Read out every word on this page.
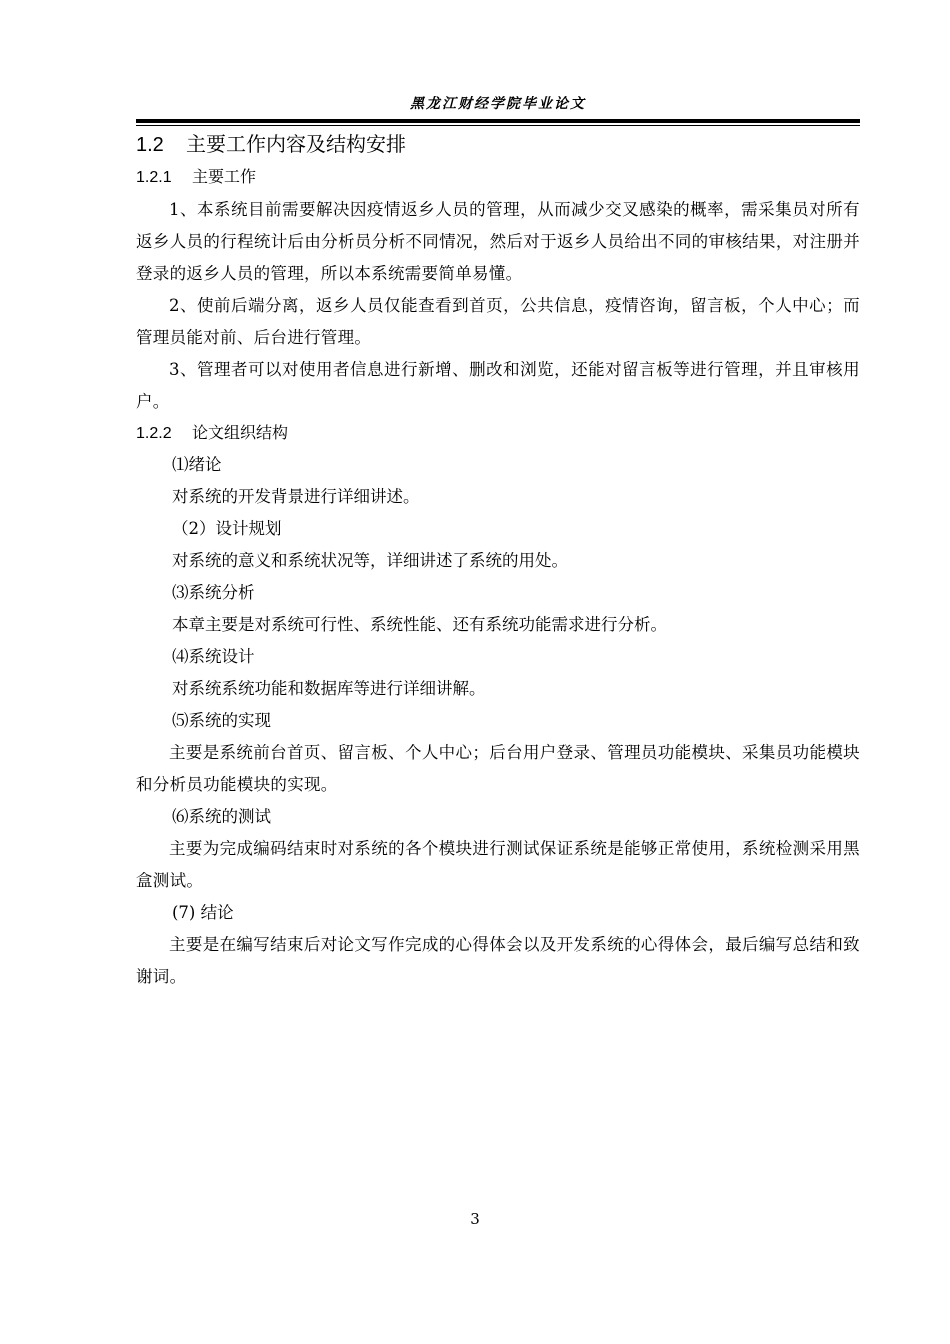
黑龙江财经学院毕业论文
1.2 主要工作内容及结构安排
1.2.1 主要工作
1、本系统目前需要解决因疫情返乡人员的管理，从而减少交叉感染的概率，需采集员对所有返乡人员的行程统计后由分析员分析不同情况，然后对于返乡人员给出不同的审核结果，对注册并登录的返乡人员的管理，所以本系统需要简单易懂。
2、使前后端分离，返乡人员仅能查看到首页，公共信息，疫情咨询，留言板，个人中心；而管理员能对前、后台进行管理。
3、管理者可以对使用者信息进行新增、删改和浏览，还能对留言板等进行管理，并且审核用户。
1.2.2 论文组织结构
⑴绪论
对系统的开发背景进行详细讲述。
（2）设计规划
对系统的意义和系统状况等，详细讲述了系统的用处。
⑶系统分析
本章主要是对系统可行性、系统性能、还有系统功能需求进行分析。
⑷系统设计
对系统系统功能和数据库等进行详细讲解。
⑸系统的实现
主要是系统前台首页、留言板、个人中心；后台用户登录、管理员功能模块、采集员功能模块和分析员功能模块的实现。
⑹系统的测试
主要为完成编码结束时对系统的各个模块进行测试保证系统是能够正常使用，系统检测采用黑盒测试。
(7) 结论
主要是在编写结束后对论文写作完成的心得体会以及开发系统的心得体会，最后编写总结和致谢词。
3
